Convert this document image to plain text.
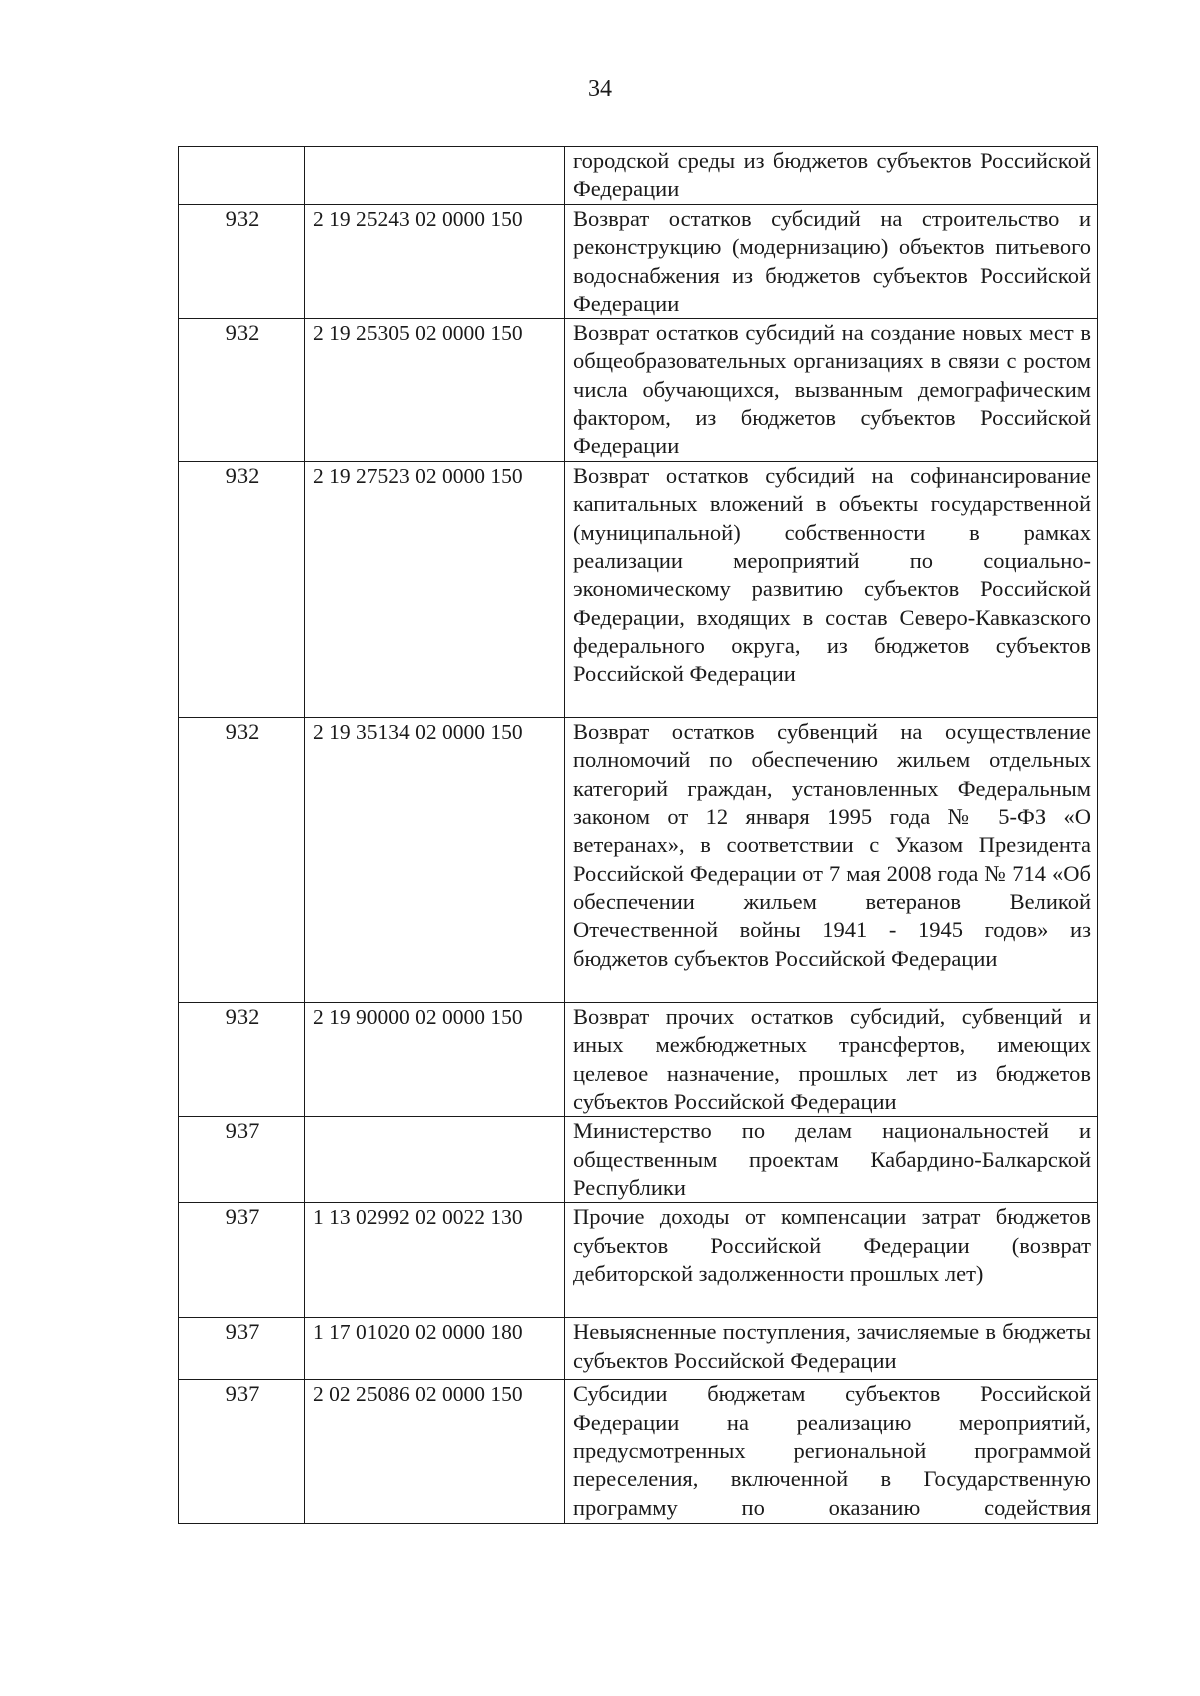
34
		городской среды из бюджетов субъектов Российской Федерации
932	2 19 25243 02 0000 150	Возврат остатков субсидий на строительство и реконструкцию (модернизацию) объектов питьевого водоснабжения из бюджетов субъектов Российской Федерации
932	2 19 25305 02 0000 150	Возврат остатков субсидий на создание новых мест в общеобразовательных организациях в связи с ростом числа обучающихся, вызванным демографическим фактором, из бюджетов субъектов Российской Федерации
932	2 19 27523 02 0000 150	Возврат остатков субсидий на софинансирование капитальных вложений в объекты государственной (муниципальной) собственности в рамках реализации мероприятий по социально-экономическому развитию субъектов Российской Федерации, входящих в состав Северо-Кавказского федерального округа, из бюджетов субъектов Российской Федерации
932	2 19 35134 02 0000 150	Возврат остатков субвенций на осуществление полномочий по обеспечению жильем отдельных категорий граждан, установленных Федеральным законом от 12 января 1995 года № 5-ФЗ «О ветеранах», в соответствии с Указом Президента Российской Федерации от 7 мая 2008 года № 714 «Об обеспечении жильем ветеранов Великой Отечественной войны 1941 - 1945 годов» из бюджетов субъектов Российской Федерации
932	2 19 90000 02 0000 150	Возврат прочих остатков субсидий, субвенций и иных межбюджетных трансфертов, имеющих целевое назначение, прошлых лет из бюджетов субъектов Российской Федерации
937		Министерство по делам национальностей и общественным проектам Кабардино-Балкарской Республики
937	1 13 02992 02 0022 130	Прочие доходы от компенсации затрат бюджетов субъектов Российской Федерации (возврат дебиторской задолженности прошлых лет)
937	1 17 01020 02 0000 180	Невыясненные поступления, зачисляемые в бюджеты субъектов Российской Федерации
937	2 02 25086 02 0000 150	Субсидии бюджетам субъектов Российской Федерации на реализацию мероприятий, предусмотренных региональной программой переселения, включенной в Государственную программу по оказанию содействия
